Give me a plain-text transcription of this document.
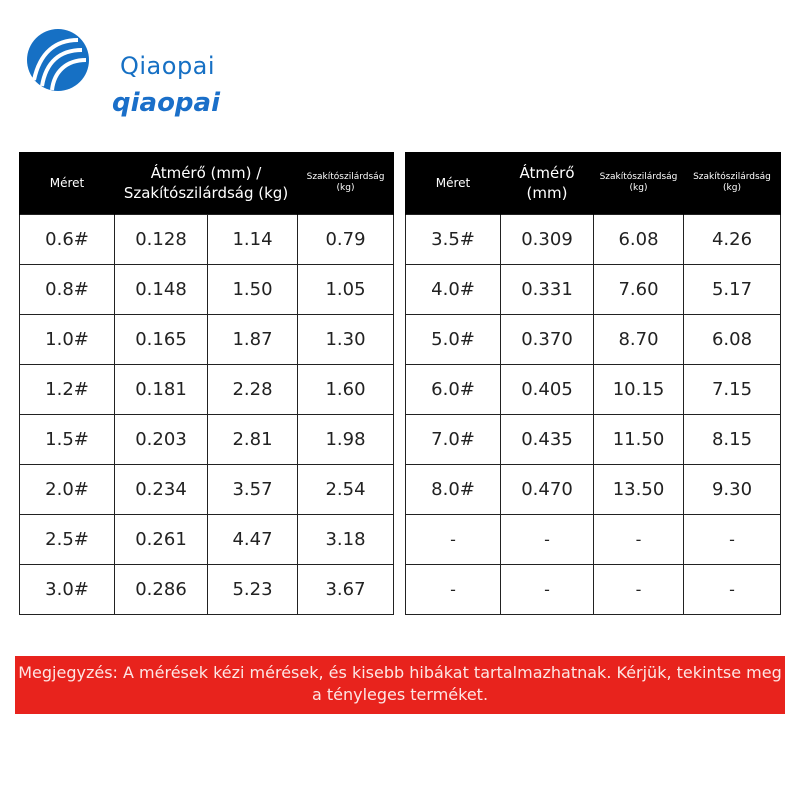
Qiaopai
qiaopai
Méret	Átmérő (mm) / Szakítószilárdság (kg)		Szakítószilárdság (kg)
0.6#	0.128	1.14	0.79
0.8#	0.148	1.50	1.05
1.0#	0.165	1.87	1.30
1.2#	0.181	2.28	1.60
1.5#	0.203	2.81	1.98
2.0#	0.234	3.57	2.54
2.5#	0.261	4.47	3.18
3.0#	0.286	5.23	3.67
Méret	Átmérő (mm)	Szakítószilárdság (kg)	Szakítószilárdság (kg)
3.5#	0.309	6.08	4.26
4.0#	0.331	7.60	5.17
5.0#	0.370	8.70	6.08
6.0#	0.405	10.15	7.15
7.0#	0.435	11.50	8.15
8.0#	0.470	13.50	9.30
-	-	-	-
-	-	-	-
Megjegyzés: A mérések kézi mérések, és kisebb hibákat tartalmazhatnak. Kérjük, tekintse meg a tényleges terméket.
